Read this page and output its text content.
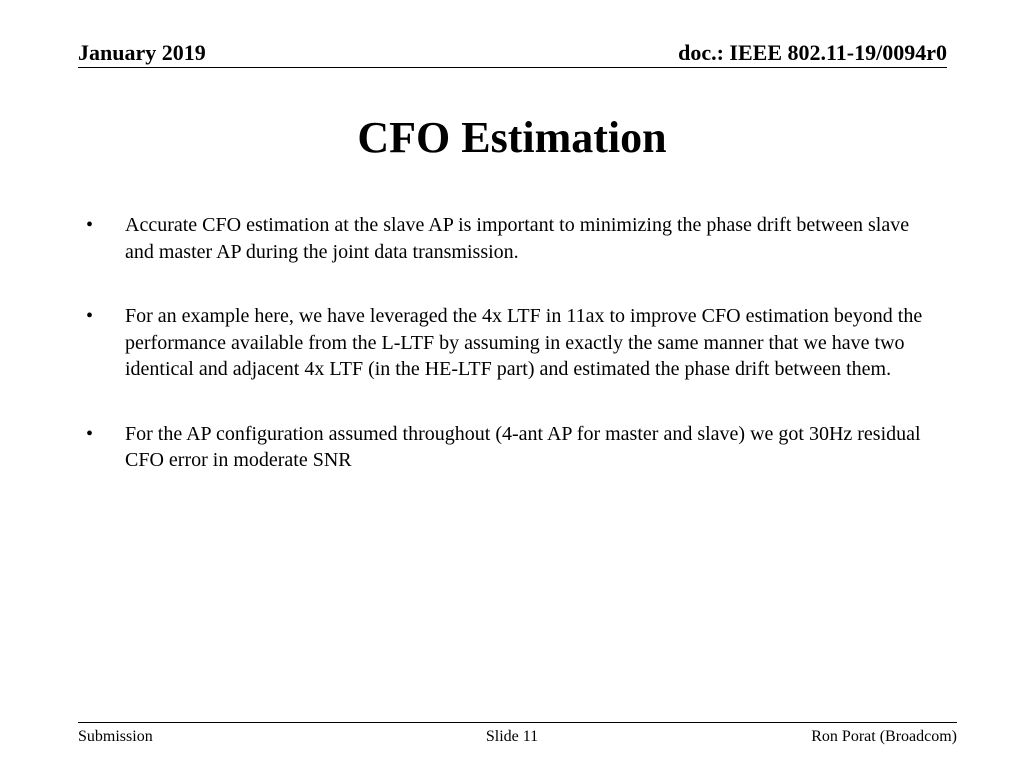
January 2019	doc.: IEEE 802.11-19/0094r0
CFO Estimation
•	Accurate CFO estimation at the slave AP is important to minimizing the phase drift between slave and master AP during the joint data transmission.
•	For an example here, we have leveraged the 4x LTF in 11ax to improve CFO estimation beyond the performance available from the L-LTF by assuming in exactly the same manner that we have two identical and adjacent 4x LTF (in the HE-LTF part) and estimated the phase drift between them.
•	For the AP configuration assumed throughout (4-ant AP for master and slave) we got 30Hz residual CFO error in moderate SNR
Submission	Slide 11	Ron Porat (Broadcom)
